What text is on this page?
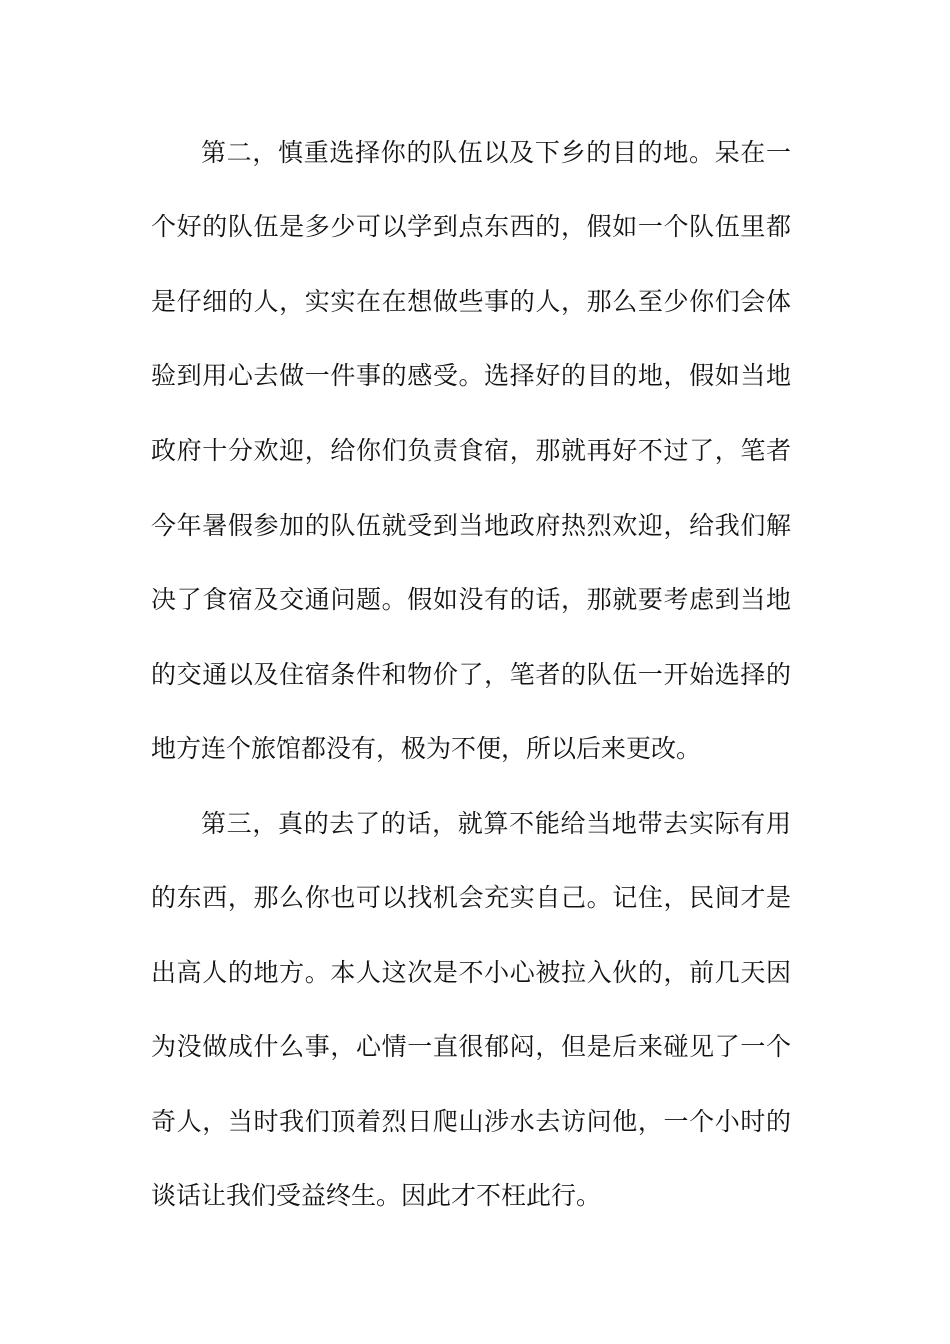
第二，慎重选择你的队伍以及下乡的目的地。呆在一
个好的队伍是多少可以学到点东西的，假如一个队伍里都
是仔细的人，实实在在想做些事的人，那么至少你们会体
验到用心去做一件事的感受。选择好的目的地，假如当地
政府十分欢迎，给你们负责食宿，那就再好不过了，笔者
今年暑假参加的队伍就受到当地政府热烈欢迎，给我们解
决了食宿及交通问题。假如没有的话，那就要考虑到当地
的交通以及住宿条件和物价了，笔者的队伍一开始选择的
地方连个旅馆都没有，极为不便，所以后来更改。
第三，真的去了的话，就算不能给当地带去实际有用
的东西，那么你也可以找机会充实自己。记住，民间才是
出高人的地方。本人这次是不小心被拉入伙的，前几天因
为没做成什么事，心情一直很郁闷，但是后来碰见了一个
奇人，当时我们顶着烈日爬山涉水去访问他，一个小时的
谈话让我们受益终生。因此才不枉此行。
